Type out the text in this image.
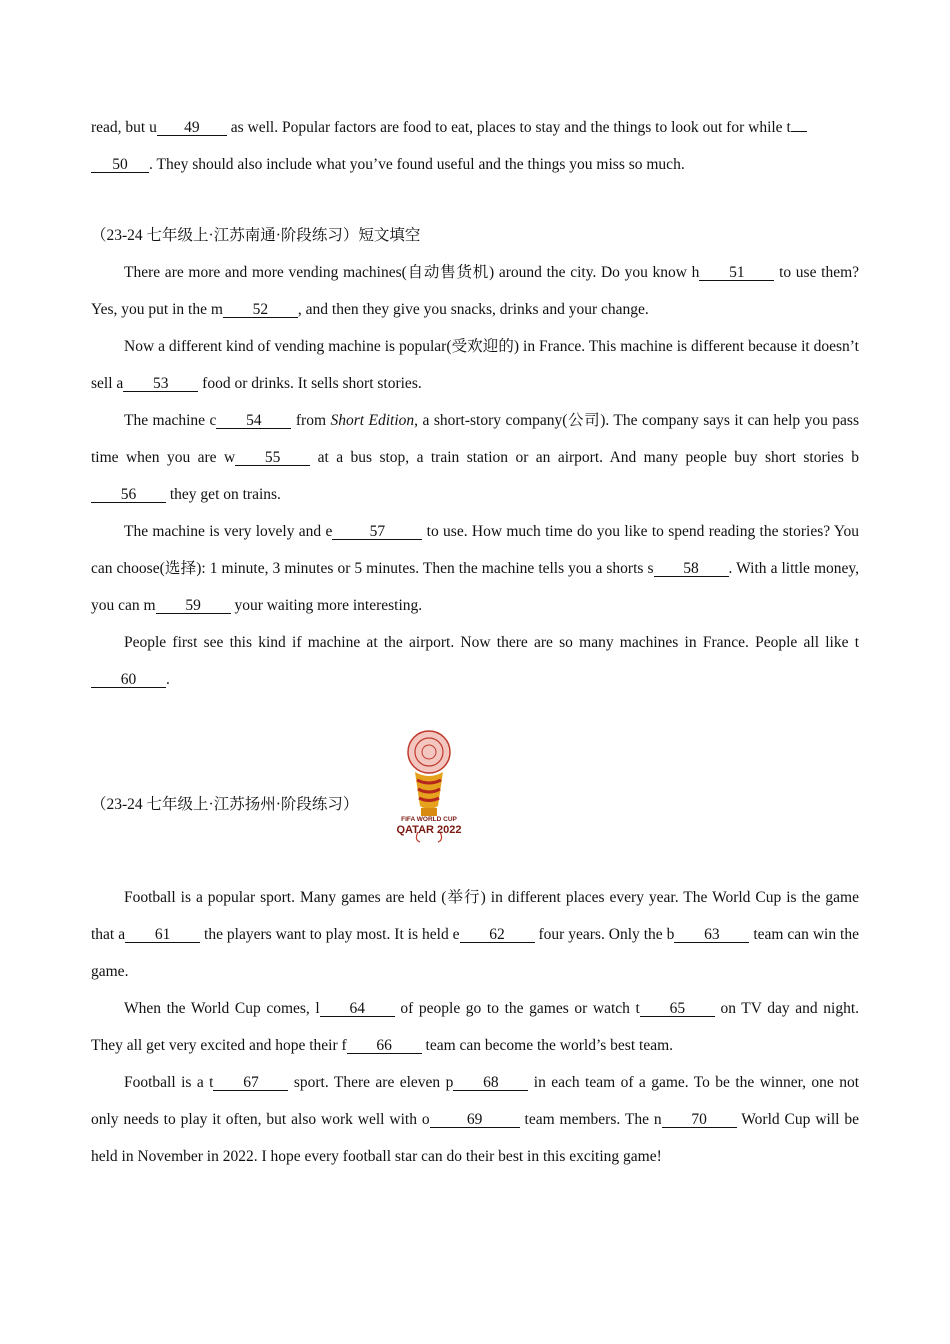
read, but u 49 as well. Popular factors are food to eat, places to stay and the things to look out for while t
50 . They should also include what you’ve found useful and the things you miss so much.

（23-24 七年级上·江苏南通·阶段练习）短文填空

There are more and more vending machines(自动售货机) around the city. Do you know h 51 to use them? Yes, you put in the m 52 , and then they give you snacks, drinks and your change.

Now a different kind of vending machine is popular(受欢迎的) in France. This machine is different because it doesn’t sell a 53 food or drinks. It sells short stories.

The machine c 54 from Short Edition, a short-story company(公司). The company says it can help you pass time when you are w 55 at a bus stop, a train station or an airport. And many people buy short stories b56 they get on trains.

The machine is very lovely and e 57 to use. How much time do you like to spend reading the stories? You can choose(选择): 1 minute, 3 minutes or 5 minutes. Then the machine tells you a shorts s 58 . With a little money, you can m 59 your waiting more interesting.

People first see this kind if machine at the airport. Now there are so many machines in France. People all like t60 .

（23-24 七年级上·江苏扬州·阶段练习）

FIFA WORLD CUP
QATAR 2022

Football is a popular sport. Many games are held (举行) in different places every year. The World Cup is the game that a 61 the players want to play most. It is held e 62 four years. Only the b 63 team can win the game.

When the World Cup comes, l 64 of people go to the games or watch t 65 on TV day and night. They all get very excited and hope their f 66 team can become the world’s best team.

Football is a t 67 sport. There are eleven p 68 in each team of a game. To be the winner, one not only needs to play it often, but also work well with o 69 team members. The n 70 World Cup will be held in November in 2022. I hope every football star can do their best in this exciting game!
